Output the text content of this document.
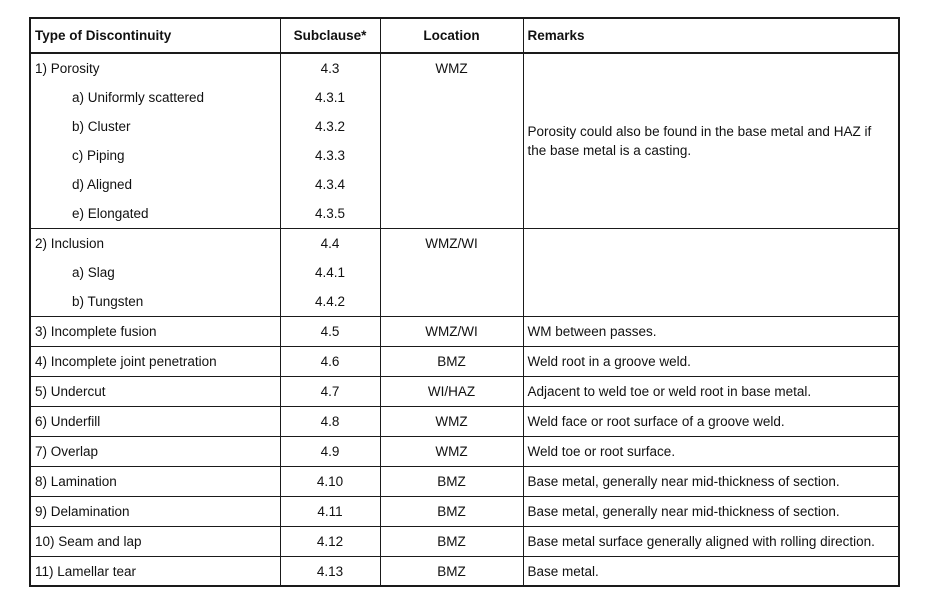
Type of Discontinuity	Subclause*	Location	Remarks
1) Porosity	4.3	WMZ	Porosity could also be found in the base metal and HAZ if the base metal is a casting.
a) Uniformly scattered	4.3.1		
b) Cluster	4.3.2		
c) Piping	4.3.3		
d) Aligned	4.3.4		
e) Elongated	4.3.5		
2) Inclusion	4.4	WMZ/WI	
a) Slag	4.4.1		
b) Tungsten	4.4.2		
3) Incomplete fusion	4.5	WMZ/WI	WM between passes.
4) Incomplete joint penetration	4.6	BMZ	Weld root in a groove weld.
5) Undercut	4.7	WI/HAZ	Adjacent to weld toe or weld root in base metal.
6) Underfill	4.8	WMZ	Weld face or root surface of a groove weld.
7) Overlap	4.9	WMZ	Weld toe or root surface.
8) Lamination	4.10	BMZ	Base metal, generally near mid-thickness of section.
9) Delamination	4.11	BMZ	Base metal, generally near mid-thickness of section.
10) Seam and lap	4.12	BMZ	Base metal surface generally aligned with rolling direction.
11) Lamellar tear	4.13	BMZ	Base metal.
